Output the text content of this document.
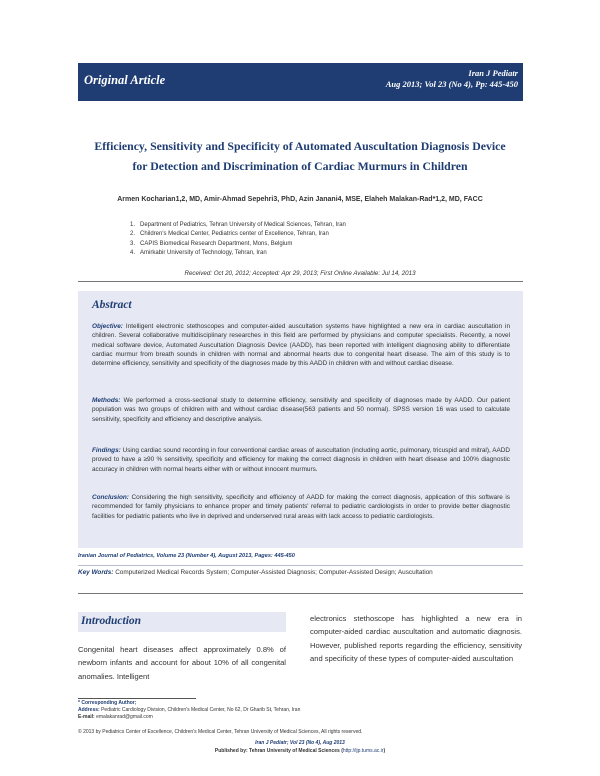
Original Article	Iran J Pediatr
Aug 2013; Vol 23 (No 4), Pp: 445-450
Efficiency, Sensitivity and Specificity of Automated Auscultation Diagnosis Device
for Detection and Discrimination of Cardiac Murmurs in Children
Armen Kocharian1,2, MD, Amir-Ahmad Sepehri3, PhD, Azin Janani4, MSE, Elaheh Malakan-Rad*1,2, MD, FACC
1. Department of Pediatrics, Tehran University of Medical Sciences, Tehran, Iran
2. Children's Medical Center, Pediatrics center of Excellence, Tehran, Iran
3. CAPIS Biomedical Research Department, Mons, Belgium
4. Amirkabir University of Technology, Tehran, Iran
Received: Oct 20, 2012; Accepted: Apr 29, 2013; First Online Available: Jul 14, 2013
Abstract
Objective: Intelligent electronic stethoscopes and computer-aided auscultation systems have highlighted a new era in cardiac auscultation in children. Several collaborative multidisciplinary researches in this field are performed by physicians and computer specialists. Recently, a novel medical software device, Automated Auscultation Diagnosis Device (AADD), has been reported with intelligent diagnosing ability to differentiate cardiac murmur from breath sounds in children with normal and abnormal hearts due to congenital heart disease. The aim of this study is to determine efficiency, sensitivity and specificity of the diagnoses made by this AADD in children with and without cardiac disease.
Methods: We performed a cross-sectional study to determine efficiency, sensitivity and specificity of diagnoses made by AADD. Our patient population was two groups of children with and without cardiac disease(563 patients and 50 normal). SPSS version 16 was used to calculate sensitivity, specificity and efficiency and descriptive analysis.
Findings: Using cardiac sound recording in four conventional cardiac areas of auscultation (including aortic, pulmonary, tricuspid and mitral), AADD proved to have a ≥90 % sensitivity, specificity and efficiency for making the correct diagnosis in children with heart disease and 100% diagnostic accuracy in children with normal hearts either with or without innocent murmurs.
Conclusion: Considering the high sensitivity, specificity and efficiency of AADD for making the correct diagnosis, application of this software is recommended for family physicians to enhance proper and timely patients' referral to pediatric cardiologists in order to provide better diagnostic facilities for pediatric patients who live in deprived and underserved rural areas with lack access to pediatric cardiologists.
Iranian Journal of Pediatrics, Volume 23 (Number 4), August 2013, Pages: 445-450
Key Words: Computerized Medical Records System; Computer-Assisted Diagnosis; Computer-Assisted Design; Auscultation
Introduction
Congenital heart diseases affect approximately 0.8% of newborn infants and account for about 10% of all congenital anomalies. Intelligent
electronics stethoscope has highlighted a new era in computer-aided cardiac auscultation and automatic diagnosis. However, published reports regarding the efficiency, sensitivity and specificity of these types of computer-aided auscultation
* Corresponding Author;
Address: Pediatric Cardiology Division, Children's Medical Center, No 62, Dr Gharib St, Tehran, Iran
E-mail: emalakanrad@gmail.com
© 2013 by Pediatrics Center of Excellence, Children's Medical Center, Tehran University of Medical Sciences, All rights reserved.
Iran J Pediatr; Vol 23 (No 4), Aug 2013
Published by: Tehran University of Medical Sciences (http://ijp.tums.ac.ir)
